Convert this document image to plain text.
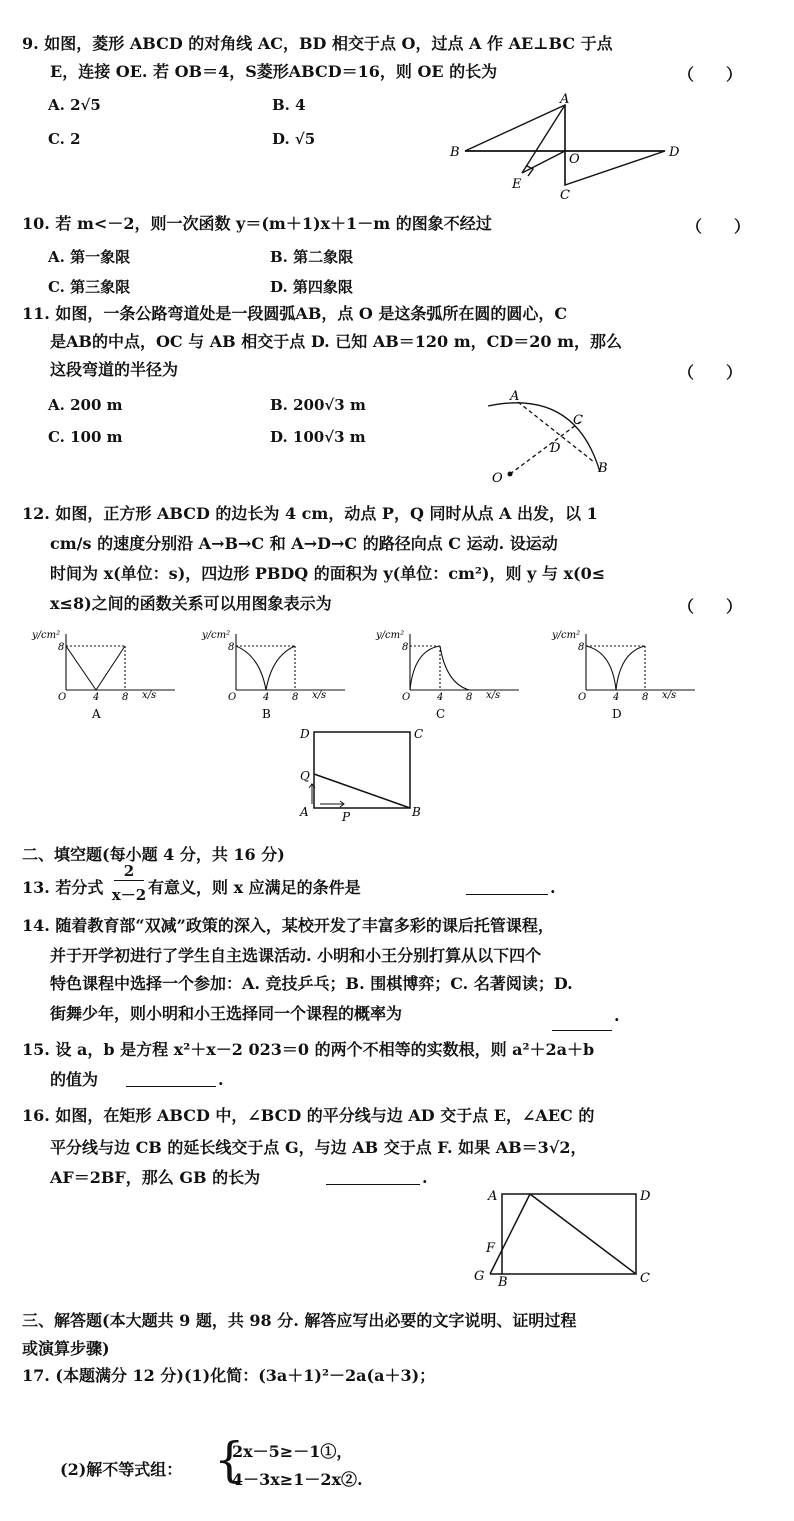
9. 如图，菱形 ABCD 的对角线 AC，BD 相交于点 O，过点 A 作 AE⊥BC 于点
E，连接 OE. 若 OB＝4，S菱形ABCD＝16，则 OE 的长为	（　　）
A. 2√5	B. 4
C. 2	D. √5
A
B
C
D
O
E
10. 若 m<－2，则一次函数 y＝(m＋1)x＋1－m 的图象不经过	（　　）
A. 第一象限	B. 第二象限
C. 第三象限	D. 第四象限
11. 如图，一条公路弯道处是一段圆弧AB，点 O 是这条弧所在圆的圆心，C
是AB的中点，OC 与 AB 相交于点 D. 已知 AB＝120 m，CD＝20 m，那么
这段弯道的半径为	（　　）
A. 200 m	B. 200√3 m
C. 100 m	D. 100√3 m
A
C
D
B
O
12. 如图，正方形 ABCD 的边长为 4 cm，动点 P，Q 同时从点 A 出发，以 1
cm/s 的速度分别沿 A→B→C 和 A→D→C 的路径向点 C 运动. 设运动
时间为 x(单位：s)，四边形 PBDQ 的面积为 y(单位：cm²)，则 y 与 x(0≤
x≤8)之间的函数关系可以用图象表示为	（　　）
y/cm²
x/s
O	4 8
8
A
y/cm²
x/s
O	4 8
8
B
y/cm²
x/s
O	4 8
8
C
y/cm²
x/s
O	4 8
8
D
D	C
Q
A	P	B
二、填空题(每小题 4 分，共 16 分)
13. 若分式
2
x－2 有意义，则 x 应满足的条件是	.
14. 随着教育部“双减”政策的深入，某校开发了丰富多彩的课后托管课程，
并于开学初进行了学生自主选课活动. 小明和小王分别打算从以下四个
特色课程中选择一个参加：A. 竞技乒乓；B. 围棋博弈；C. 名著阅读；D.
街舞少年，则小明和小王选择同一个课程的概率为	.
15. 设 a，b 是方程 x²＋x－2 023＝0 的两个不相等的实数根，则 a²＋2a＋b
的值为	.
16. 如图，在矩形 ABCD 中，∠BCD 的平分线与边 AD 交于点 E，∠AEC 的
平分线与边 CB 的延长线交于点 G，与边 AB 交于点 F. 如果 AB＝3√2，
AF＝2BF，那么 GB 的长为	.
A	D
F
G B	C
三、解答题(本大题共 9 题，共 98 分. 解答应写出必要的文字说明、证明过程
或演算步骤)
17. (本题满分 12 分)(1)化简：(3a＋1)²－2a(a＋3)；
(2)解不等式组： {
2x－5≥－1①，
4－3x≥1－2x②.
